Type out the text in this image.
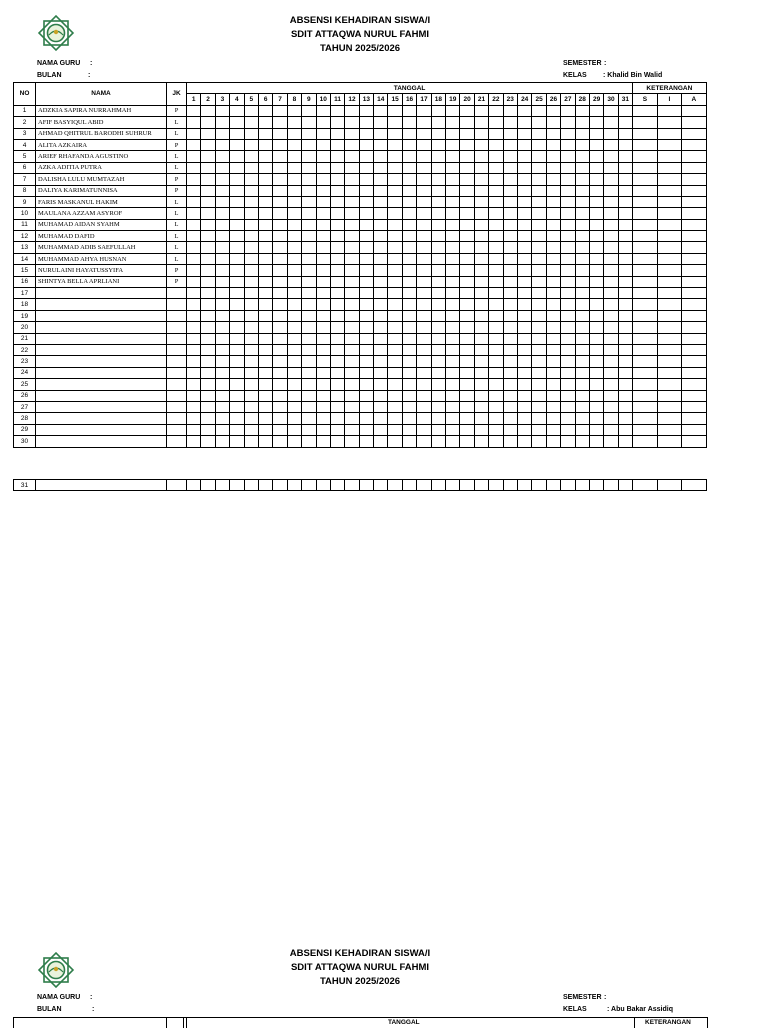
ABSENSI KEHADIRAN SISWA/I
SDIT ATTAQWA NURUL FAHMI
TAHUN 2025/2026
NAMA GURU :
BULAN	:
SEMESTER :
KELAS : Khalid Bin Walid
NO	NAMA	JK	TANGGAL																															KETERANGAN		
			1	2	3	4	5	6	7	8	9	10	11	12	13	14	15	16	17	18	19	20	21	22	23	24	25	26	27	28	29	30	31	S	I	A
1	ADZKIA SAPIRA NURRAHMAH	P																																		
2	AFIF BASYIQUL ABID	L																																		
3	AHMAD QHITRUL BARODHI SUHRUR	L																																		
4	ALITA AZKAIRA	P																																		
5	ARIEF RHAFANDA AGUSTINO	L																																		
6	AZKA ADITIA PUTRA	L																																		
7	DALISHA LULU MUMTAZAH	P																																		
8	DALIYA KARIMATUNNISA	P																																		
9	FARIS MASKANUL HAKIM	L																																		
10	MAULANA AZZAM ASYROF	L																																		
11	MUHAMAD AIDAN SYAHM	L																																		
12	MUHAMAD DAFID	L																																		
13	MUHAMMAD ADIB SAEFULLAH	L																																		
14	MUHAMMAD AHYA HUSNAN	L																																		
15	NURULAINI HAYATUSSYIFA	P																																		
16	SHINTYA BELLA APRLIANI	P																																		
17																																				
18																																				
19																																				
20																																				
21																																				
22																																				
23																																				
24																																				
25																																				
26																																				
27																																				
28																																				
29																																				
30																																				
31																																				
ABSENSI KEHADIRAN SISWA/I
SDIT ATTAQWA NURUL FAHMI
TAHUN 2025/2026
NAMA GURU :
BULAN	:
SEMESTER :
KELAS	: Abu Bakar Assidiq
TANGGAL	KETERANGAN
